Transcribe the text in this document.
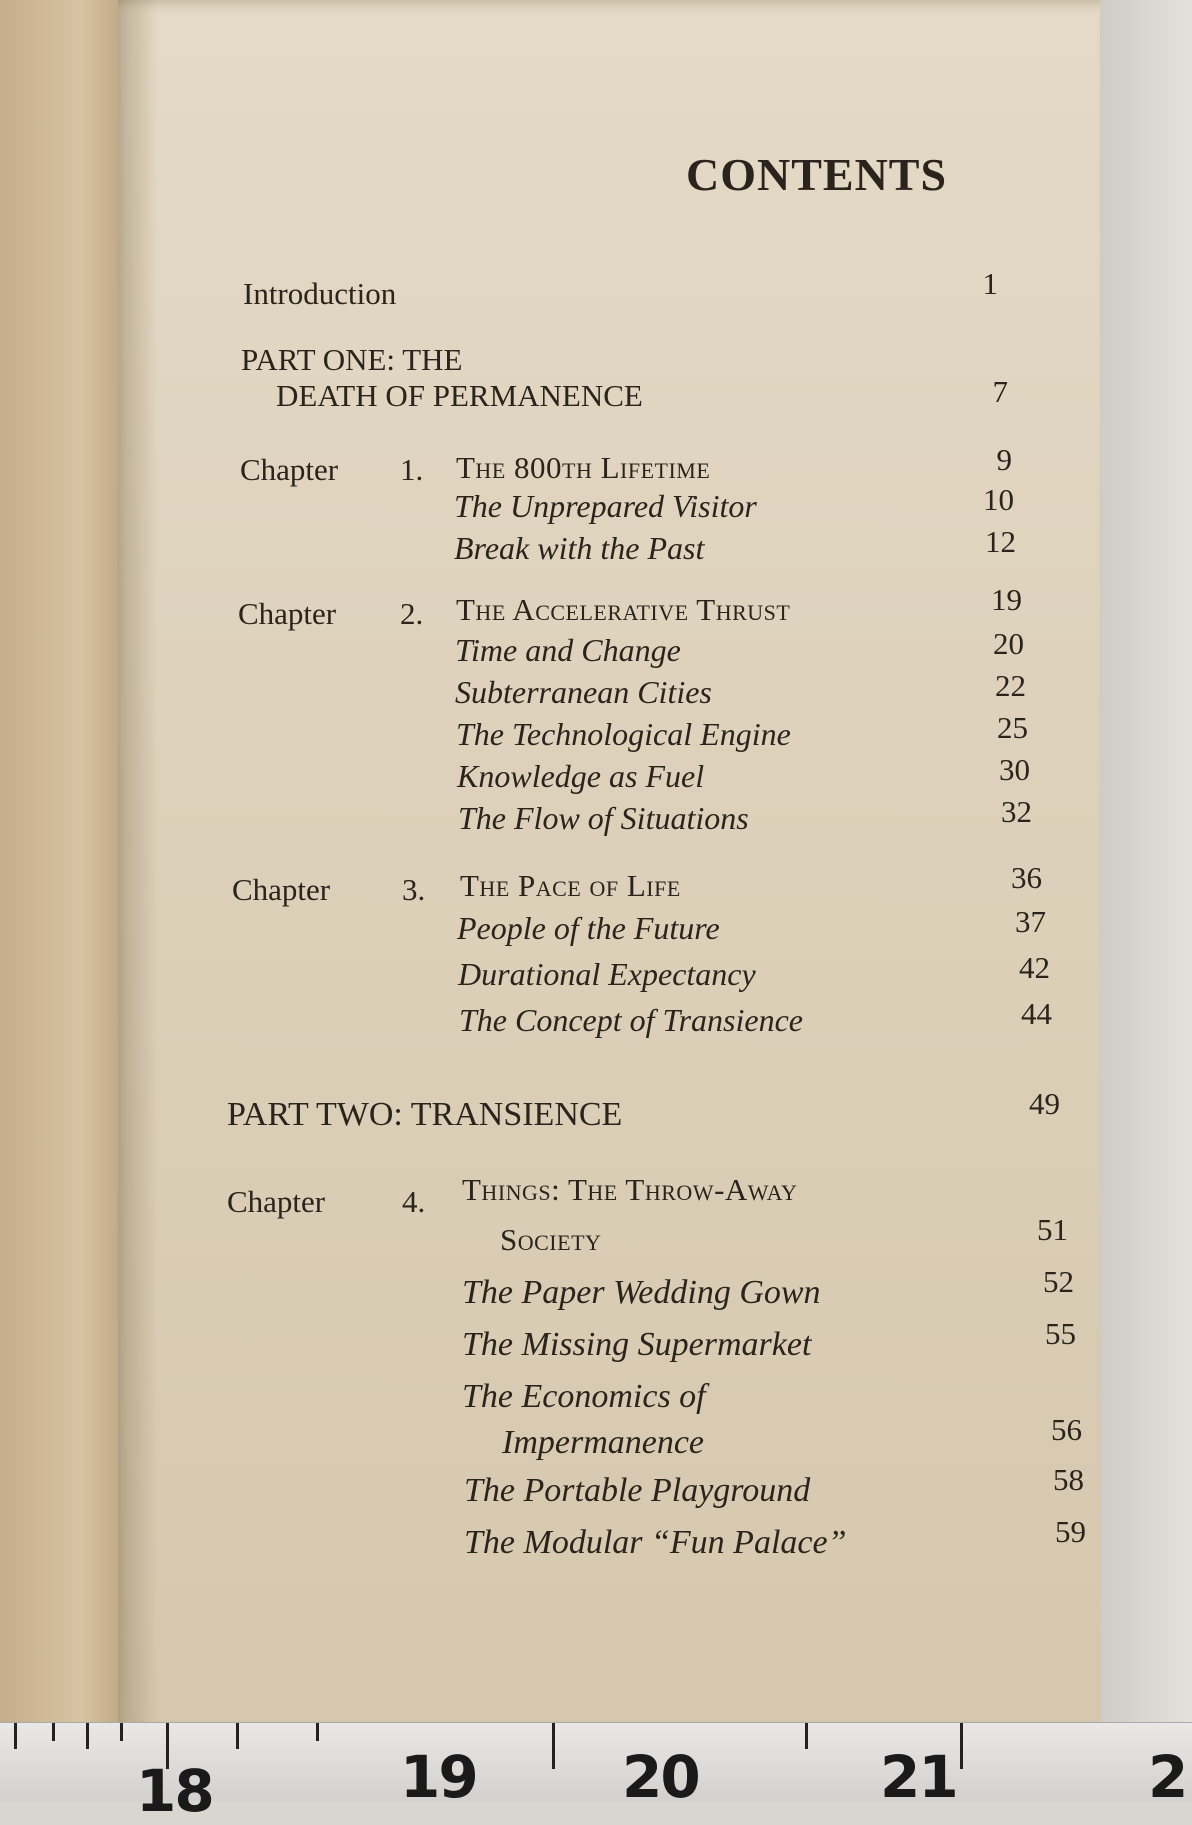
CONTENTS
Introduction	1
PART ONE: THE
DEATH OF PERMANENCE	7
Chapter 1. The 800th Lifetime	9
The Unprepared Visitor	10
Break with the Past	12
Chapter 2. The Accelerative Thrust	19
Time and Change	20
Subterranean Cities	22
The Technological Engine	25
Knowledge as Fuel	30
The Flow of Situations	32
Chapter 3. The Pace of Life	36
People of the Future	37
Durational Expectancy	42
The Concept of Transience	44
PART TWO: TRANSIENCE	49
Chapter 4. Things: The Throw-Away
Society	51
The Paper Wedding Gown	52
The Missing Supermarket	55
The Economics of
Impermanence	56
The Portable Playground	58
The Modular “Fun Palace”	59
18	19	20	21	2
